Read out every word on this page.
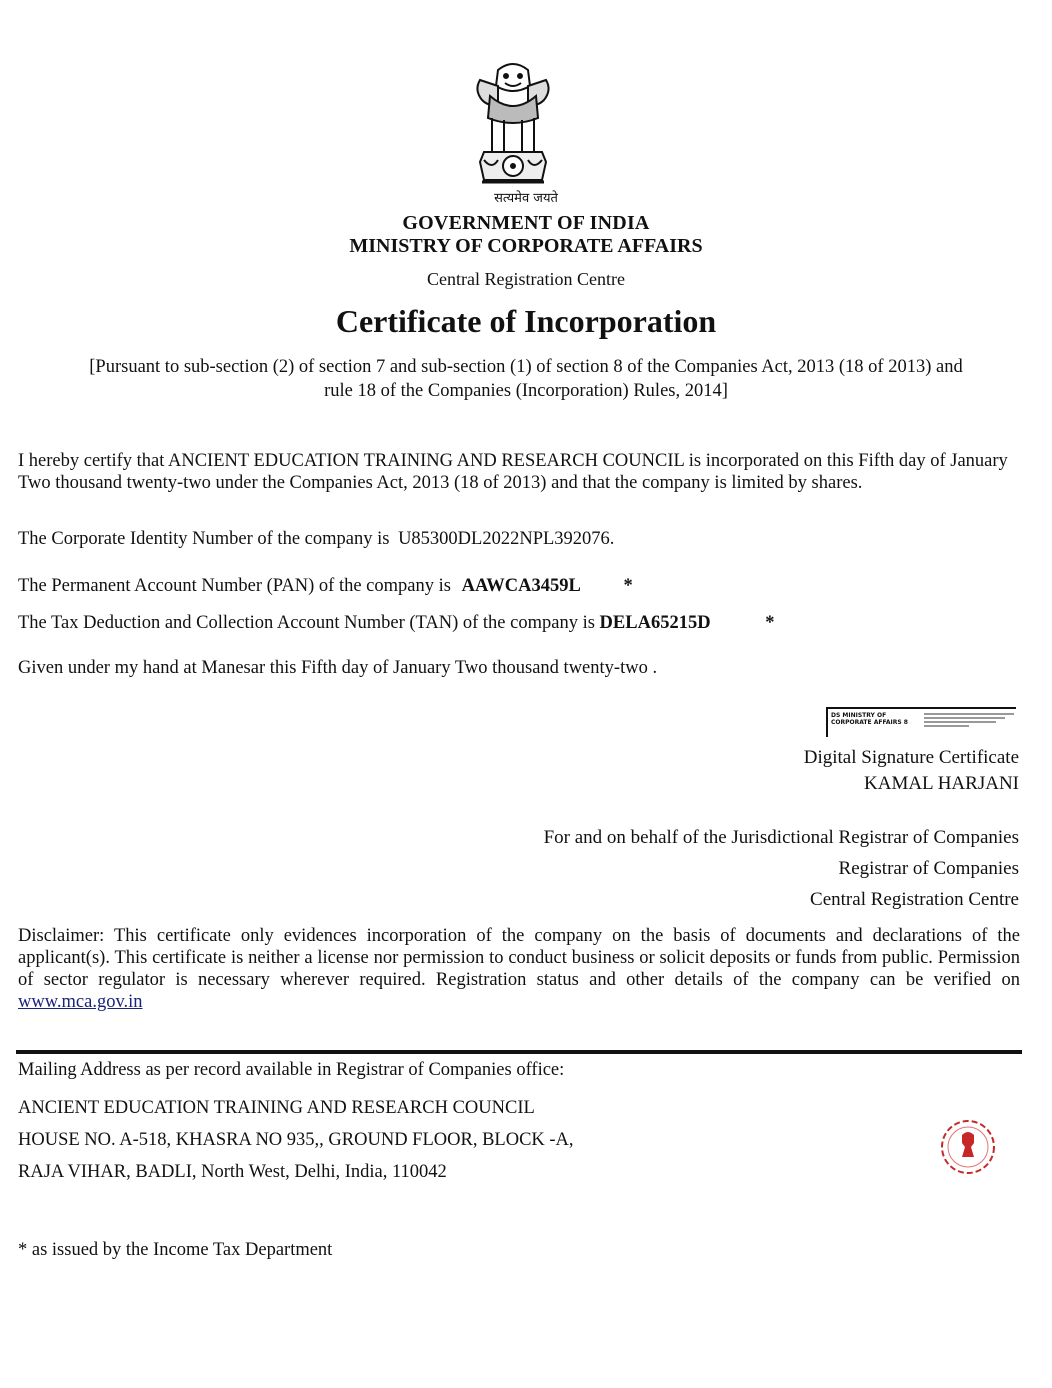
सत्यमेव जयते
GOVERNMENT OF INDIA
MINISTRY OF CORPORATE AFFAIRS
Central Registration Centre
Certificate of Incorporation
[Pursuant to sub-section (2) of section 7 and sub-section (1) of section 8 of the Companies Act, 2013 (18 of 2013) and
rule 18 of the Companies (Incorporation) Rules, 2014]
I hereby certify that ANCIENT EDUCATION TRAINING AND RESEARCH COUNCIL is incorporated on this Fifth day of January Two thousand twenty-two under the Companies Act, 2013 (18 of 2013) and that the company is limited by shares.
The Corporate Identity Number of the company is U85300DL2022NPL392076.
The Permanent Account Number (PAN) of the company is AAWCA3459L *
The Tax Deduction and Collection Account Number (TAN) of the company is DELA65215D	*
Given under my hand at Manesar this Fifth day of January Two thousand twenty-two .
DS MINISTRY OF
CORPORATE AFFAIRS 8
Digital Signature Certificate
KAMAL HARJANI
For and on behalf of the Jurisdictional Registrar of Companies
Registrar of Companies
Central Registration Centre
Disclaimer: This certificate only evidences incorporation of the company on the basis of documents and declarations of the applicant(s). This certificate is neither a license nor permission to conduct business or solicit deposits or funds from public. Permission of sector regulator is necessary wherever required. Registration status and other details of the company can be verified on www.mca.gov.in
Mailing Address as per record available in Registrar of Companies office:
ANCIENT EDUCATION TRAINING AND RESEARCH COUNCIL
HOUSE NO. A-518, KHASRA NO 935,, GROUND FLOOR, BLOCK -A,
RAJA VIHAR, BADLI, North West, Delhi, India, 110042
* as issued by the Income Tax Department
